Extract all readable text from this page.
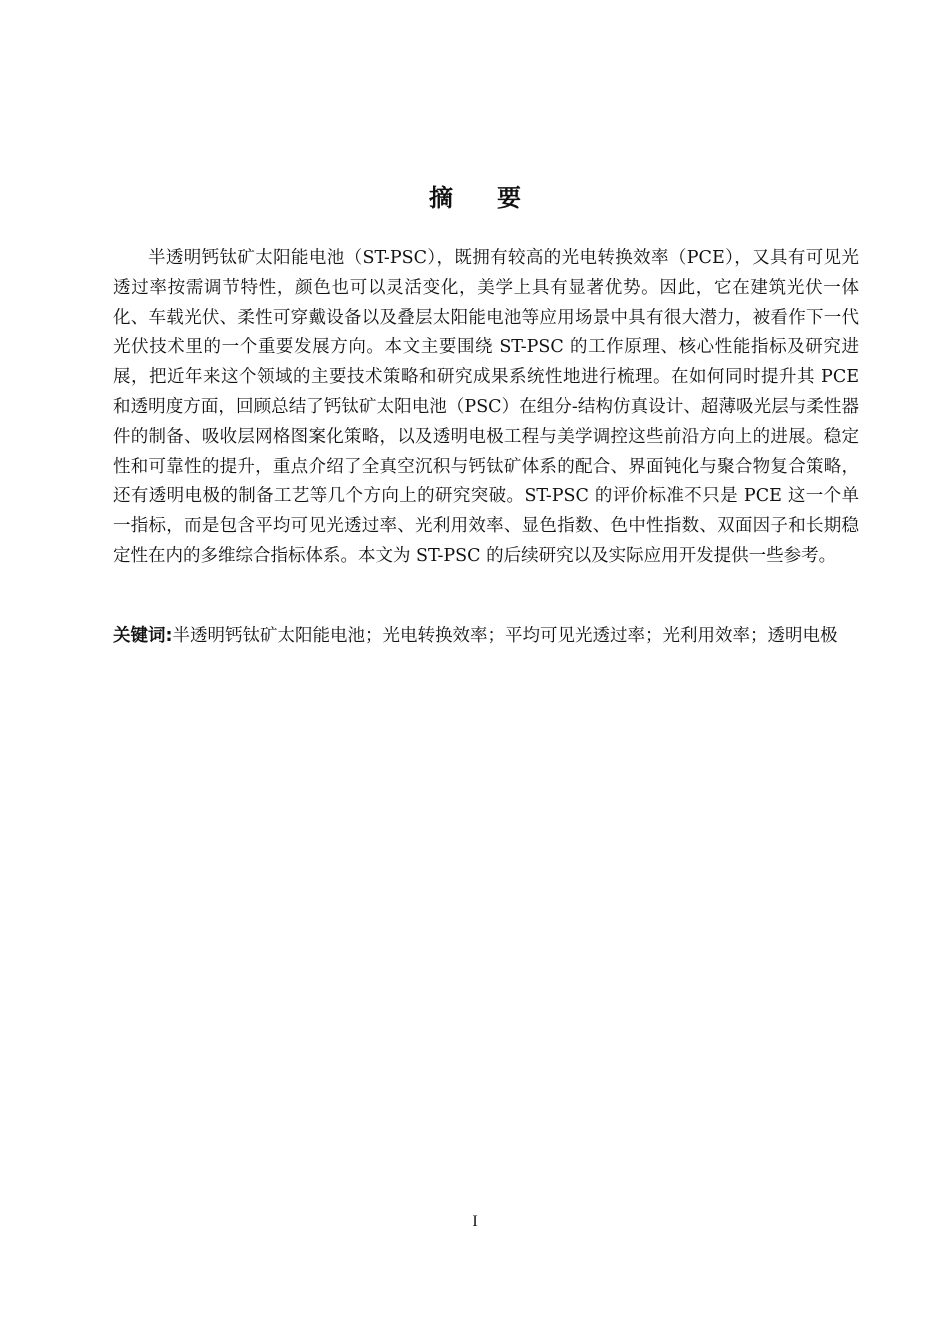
摘 要

半透明钙钛矿太阳能电池（ST-PSC），既拥有较高的光电转换效率（PCE），又具有可见光透过率按需调节特性，颜色也可以灵活变化，美学上具有显著优势。因此，它在建筑光伏一体化、车载光伏、柔性可穿戴设备以及叠层太阳能电池等应用场景中具有很大潜力，被看作下一代光伏技术里的一个重要发展方向。本文主要围绕 ST-PSC 的工作原理、核心性能指标及研究进展，把近年来这个领域的主要技术策略和研究成果系统性地进行梳理。在如何同时提升其 PCE 和透明度方面，回顾总结了钙钛矿太阳电池（PSC）在组分-结构仿真设计、超薄吸光层与柔性器件的制备、吸收层网格图案化策略，以及透明电极工程与美学调控这些前沿方向上的进展。稳定性和可靠性的提升，重点介绍了全真空沉积与钙钛矿体系的配合、界面钝化与聚合物复合策略，还有透明电极的制备工艺等几个方向上的研究突破。ST-PSC 的评价标准不只是 PCE 这一个单一指标，而是包含平均可见光透过率、光利用效率、显色指数、色中性指数、双面因子和长期稳定性在内的多维综合指标体系。本文为 ST-PSC 的后续研究以及实际应用开发提供一些参考。

关键词:半透明钙钛矿太阳能电池；光电转换效率；平均可见光透过率；光利用效率；透明电极

I
